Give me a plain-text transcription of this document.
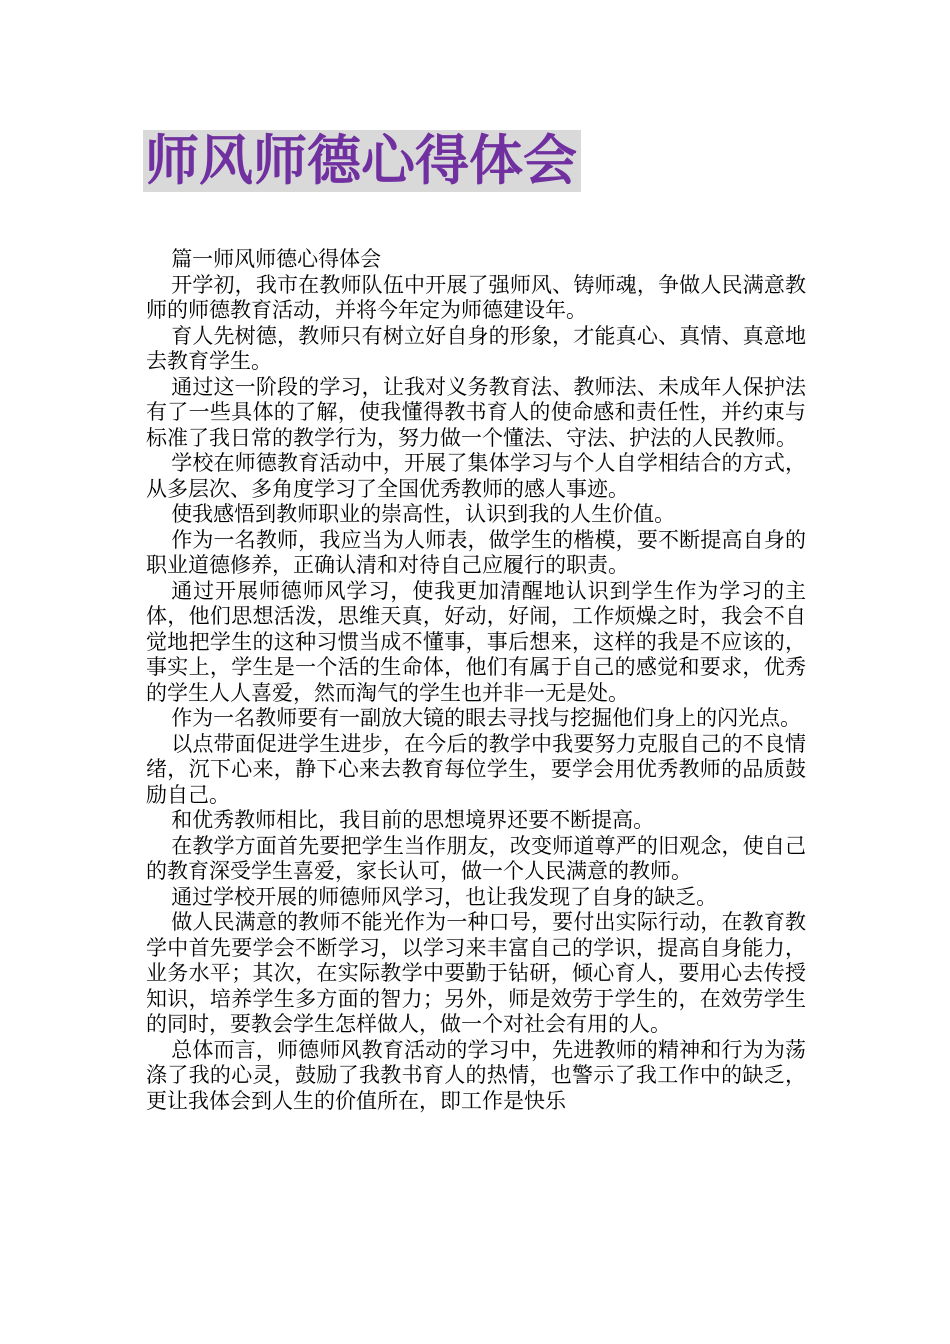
师风师德心得体会

篇一师风师德心得体会

开学初，我市在教师队伍中开展了强师风、铸师魂，争做人民满意教师的师德教育活动，并将今年定为师德建设年。

育人先树德，教师只有树立好自身的形象，才能真心、真情、真意地去教育学生。

通过这一阶段的学习，让我对义务教育法、教师法、未成年人保护法有了一些具体的了解，使我懂得教书育人的使命感和责任性，并约束与标准了我日常的教学行为，努力做一个懂法、守法、护法的人民教师。

学校在师德教育活动中，开展了集体学习与个人自学相结合的方式，从多层次、多角度学习了全国优秀教师的感人事迹。

使我感悟到教师职业的崇高性，认识到我的人生价值。

作为一名教师，我应当为人师表，做学生的楷模，要不断提高自身的职业道德修养，正确认清和对待自己应履行的职责。

通过开展师德师风学习，使我更加清醒地认识到学生作为学习的主体，他们思想活泼，思维天真，好动，好闹，工作烦燥之时，我会不自觉地把学生的这种习惯当成不懂事，事后想来，这样的我是不应该的，事实上，学生是一个活的生命体，他们有属于自己的感觉和要求，优秀的学生人人喜爱，然而淘气的学生也并非一无是处。

作为一名教师要有一副放大镜的眼去寻找与挖掘他们身上的闪光点。

以点带面促进学生进步，在今后的教学中我要努力克服自己的不良情绪，沉下心来，静下心来去教育每位学生，要学会用优秀教师的品质鼓励自己。

和优秀教师相比，我目前的思想境界还要不断提高。

在教学方面首先要把学生当作朋友，改变师道尊严的旧观念，使自己的教育深受学生喜爱，家长认可，做一个人民满意的教师。

通过学校开展的师德师风学习，也让我发现了自身的缺乏。

做人民满意的教师不能光作为一种口号，要付出实际行动，在教育教学中首先要学会不断学习，以学习来丰富自己的学识，提高自身能力，业务水平；其次，在实际教学中要勤于钻研，倾心育人，要用心去传授知识，培养学生多方面的智力；另外，师是效劳于学生的，在效劳学生的同时，要教会学生怎样做人，做一个对社会有用的人。

总体而言，师德师风教育活动的学习中，先进教师的精神和行为为荡涤了我的心灵，鼓励了我教书育人的热情，也警示了我工作中的缺乏，更让我体会到人生的价值所在，即工作是快乐
